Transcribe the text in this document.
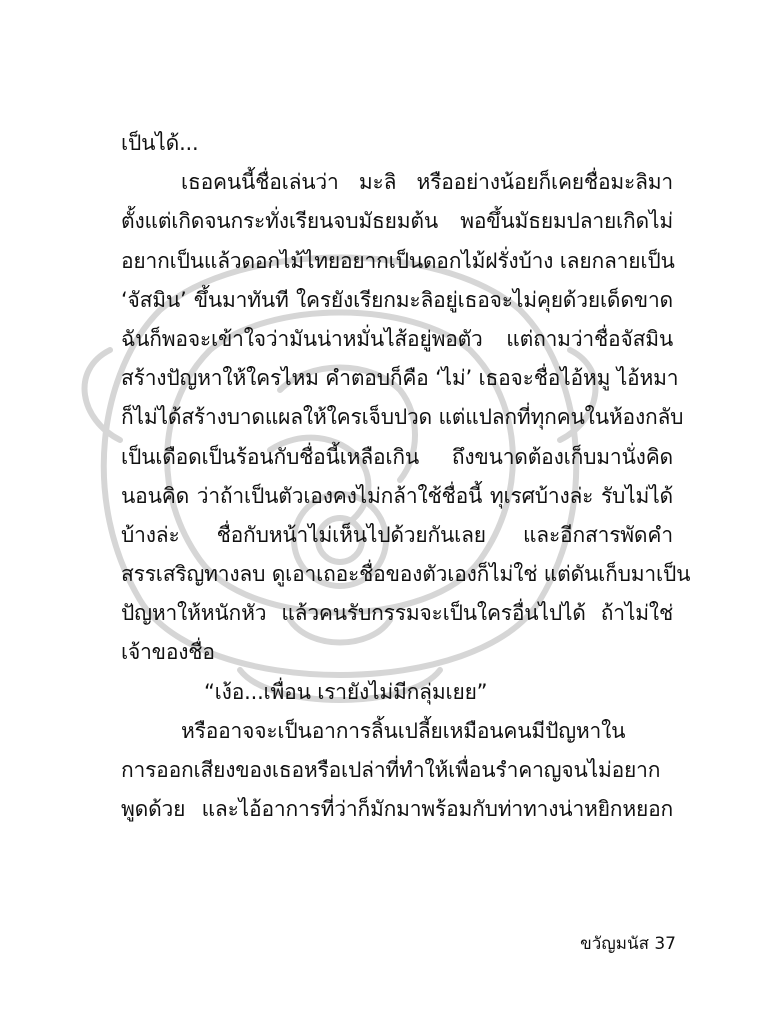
เป็นได้...
เธอคนนี้ชื่อเล่นว่า มะลิ หรืออย่างน้อยก็เคยชื่อมะลิมา
ตั้งแต่เกิดจนกระทั่งเรียนจบมัธยมต้น พอขึ้นมัธยมปลายเกิดไม่
อยากเป็นแล้วดอกไม้ไทยอยากเป็นดอกไม้ฝรั่งบ้าง เลยกลายเป็น
‘จัสมิน’ ขึ้นมาทันที ใครยังเรียกมะลิอยู่เธอจะไม่คุยด้วยเด็ดขาด
ฉันก็พอจะเข้าใจว่ามันน่าหมั่นไส้อยู่พอตัว แต่ถามว่าชื่อจัสมิน
สร้างปัญหาให้ใครไหม คำตอบก็คือ ‘ไม่’ เธอจะชื่อไอ้หมู ไอ้หมา
ก็ไม่ได้สร้างบาดแผลให้ใครเจ็บปวด แต่แปลกที่ทุกคนในห้องกลับ
เป็นเดือดเป็นร้อนกับชื่อนี้เหลือเกิน ถึงขนาดต้องเก็บมานั่งคิด
นอนคิด ว่าถ้าเป็นตัวเองคงไม่กล้าใช้ชื่อนี้ ทุเรศบ้างล่ะ รับไม่ได้
บ้างล่ะ ชื่อกับหน้าไม่เห็นไปด้วยกันเลย และอีกสารพัดคำ
สรรเสริญทางลบ ดูเอาเถอะชื่อของตัวเองก็ไม่ใช่ แต่ดันเก็บมาเป็น
ปัญหาให้หนักหัว แล้วคนรับกรรมจะเป็นใครอื่นไปได้ ถ้าไม่ใช่
เจ้าของชื่อ
“เง้อ...เพื่อน เรายังไม่มีกลุ่มเยย”
หรืออาจจะเป็นอาการลิ้นเปลี้ยเหมือนคนมีปัญหาใน
การออกเสียงของเธอหรือเปล่าที่ทำให้เพื่อนรำคาญจนไม่อยาก
พูดด้วย และไอ้อาการที่ว่าก็มักมาพร้อมกับท่าทางน่าหยิกหยอก
ขวัญมนัส 37
